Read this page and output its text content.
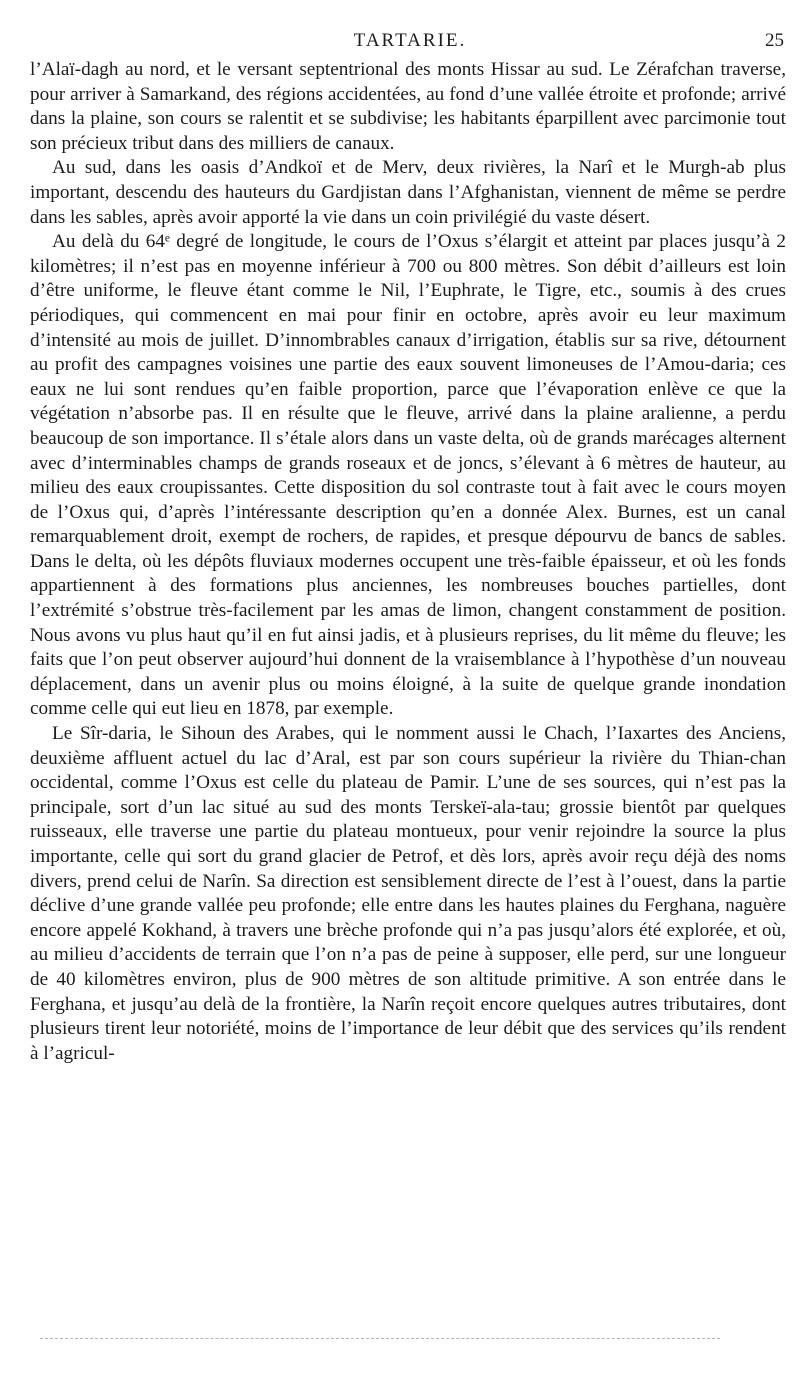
TARTARIE.	25

l’Alaï-dagh au nord, et le versant septentrional des monts Hissar au sud. Le Zérafchan traverse, pour arriver à Samarkand, des régions accidentées, au fond d’une vallée étroite et profonde; arrivé dans la plaine, son cours se ralentit et se subdivise; les habitants éparpillent avec parcimonie tout son précieux tribut dans des milliers de canaux.

Au sud, dans les oasis d’Andkoï et de Merv, deux rivières, la Narî et le Murgh-ab plus important, descendu des hauteurs du Gardjistan dans l’Afghanistan, viennent de même se perdre dans les sables, après avoir apporté la vie dans un coin privilégié du vaste désert.

Au delà du 64ᵉ degré de longitude, le cours de l’Oxus s’élargit et atteint par places jusqu’à 2 kilomètres; il n’est pas en moyenne inférieur à 700 ou 800 mètres. Son débit d’ailleurs est loin d’être uniforme, le fleuve étant comme le Nil, l’Euphrate, le Tigre, etc., soumis à des crues périodiques, qui commencent en mai pour finir en octobre, après avoir eu leur maximum d’intensité au mois de juillet. D’innombrables canaux d’irrigation, établis sur sa rive, détournent au profit des campagnes voisines une partie des eaux souvent limoneuses de l’Amou-daria; ces eaux ne lui sont rendues qu’en faible proportion, parce que l’évaporation enlève ce que la végétation n’absorbe pas. Il en résulte que le fleuve, arrivé dans la plaine aralienne, a perdu beaucoup de son importance. Il s’étale alors dans un vaste delta, où de grands marécages alternent avec d’interminables champs de grands roseaux et de joncs, s’élevant à 6 mètres de hauteur, au milieu des eaux croupissantes. Cette disposition du sol contraste tout à fait avec le cours moyen de l’Oxus qui, d’après l’intéressante description qu’en a donnée Alex. Burnes, est un canal remarquablement droit, exempt de rochers, de rapides, et presque dépourvu de bancs de sables. Dans le delta, où les dépôts fluviaux modernes occupent une très-faible épaisseur, et où les fonds appartiennent à des formations plus anciennes, les nombreuses bouches partielles, dont l’extrémité s’obstrue très-facilement par les amas de limon, changent constamment de position. Nous avons vu plus haut qu’il en fut ainsi jadis, et à plusieurs reprises, du lit même du fleuve; les faits que l’on peut observer aujourd’hui donnent de la vraisemblance à l’hypothèse d’un nouveau déplacement, dans un avenir plus ou moins éloigné, à la suite de quelque grande inondation comme celle qui eut lieu en 1878, par exemple.

Le Sîr-daria, le Sihoun des Arabes, qui le nomment aussi le Chach, l’Iaxartes des Anciens, deuxième affluent actuel du lac d’Aral, est par son cours supérieur la rivière du Thian-chan occidental, comme l’Oxus est celle du plateau de Pamir. L’une de ses sources, qui n’est pas la principale, sort d’un lac situé au sud des monts Terskeï-ala-tau; grossie bientôt par quelques ruisseaux, elle traverse une partie du plateau montueux, pour venir rejoindre la source la plus importante, celle qui sort du grand glacier de Petrof, et dès lors, après avoir reçu déjà des noms divers, prend celui de Narîn. Sa direction est sensiblement directe de l’est à l’ouest, dans la partie déclive d’une grande vallée peu profonde; elle entre dans les hautes plaines du Ferghana, naguère encore appelé Kokhand, à travers une brèche profonde qui n’a pas jusqu’alors été explorée, et où, au milieu d’accidents de terrain que l’on n’a pas de peine à supposer, elle perd, sur une longueur de 40 kilomètres environ, plus de 900 mètres de son altitude primitive. A son entrée dans le Ferghana, et jusqu’au delà de la frontière, la Narîn reçoit encore quelques autres tributaires, dont plusieurs tirent leur notoriété, moins de l’importance de leur débit que des services qu’ils rendent à l’agricul-
